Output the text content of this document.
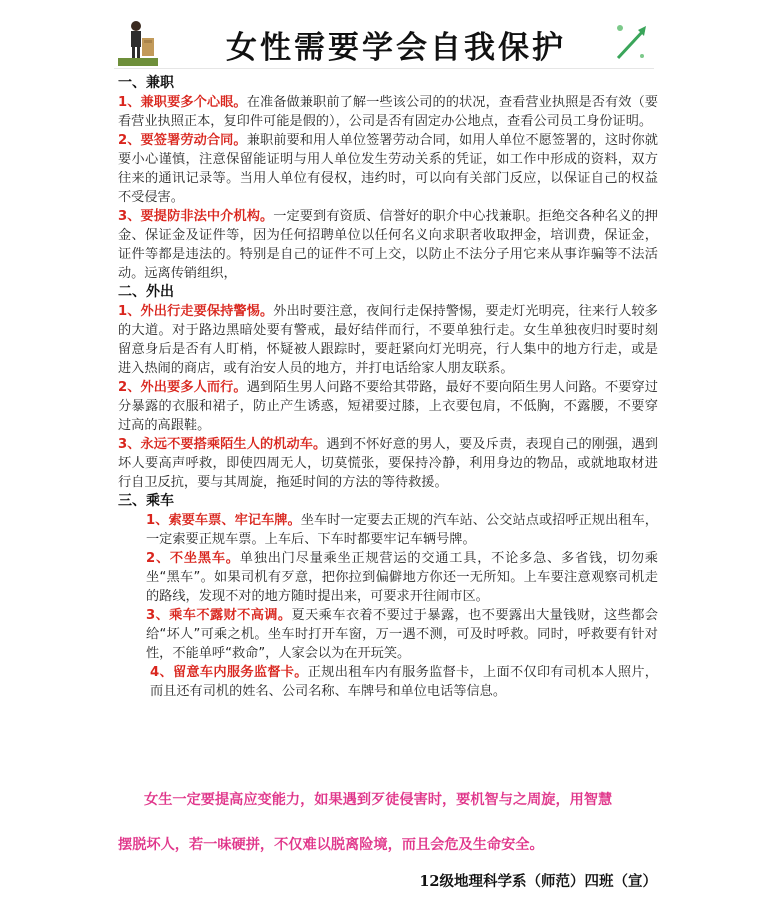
女性需要学会自我保护
一、兼职

1、兼职要多个心眼。在准备做兼职前了解一些该公司的的状况，查看营业执照是否有效（要看营业执照正本，复印件可能是假的），公司是否有固定办公地点，查看公司员工身份证明。

2、要签署劳动合同。兼职前要和用人单位签署劳动合同，如用人单位不愿签署的，这时你就要小心谨慎，注意保留能证明与用人单位发生劳动关系的凭证，如工作中形成的资料，双方往来的通讯记录等。当用人单位有侵权，违约时，可以向有关部门反应，以保证自己的权益不受侵害。

3、要提防非法中介机构。一定要到有资质、信誉好的职介中心找兼职。拒绝交各种名义的押金、保证金及证件等，因为任何招聘单位以任何名义向求职者收取押金，培训费，保证金，证件等都是违法的。特别是自己的证件不可上交，以防止不法分子用它来从事诈骗等不法活动。远离传销组织，

二、外出

1、外出行走要保持警惕。外出时要注意，夜间行走保持警惕，要走灯光明亮，往来行人较多的大道。对于路边黑暗处要有警戒，最好结伴而行，不要单独行走。女生单独夜归时要时刻留意身后是否有人盯梢，怀疑被人跟踪时，要赶紧向灯光明亮，行人集中的地方行走，或是进入热闹的商店，或有治安人员的地方，并打电话给家人朋友联系。

2、外出要多人而行。遇到陌生男人问路不要给其带路，最好不要向陌生男人问路。不要穿过分暴露的衣服和裙子，防止产生诱惑，短裙要过膝，上衣要包肩，不低胸，不露腰，不要穿过高的高跟鞋。

3、永远不要搭乘陌生人的机动车。遇到不怀好意的男人，要及斥责，表现自己的刚强，遇到坏人要高声呼救，即使四周无人，切莫慌张，要保持冷静，利用身边的物品，或就地取材进行自卫反抗，要与其周旋，拖延时间的方法的等待救援。

三、乘车

1、索要车票、牢记车牌。坐车时一定要去正规的汽车站、公交站点或招呼正规出租车，一定索要正规车票。上车后、下车时都要牢记车辆号牌。

2、不坐黑车。单独出门尽量乘坐正规营运的交通工具，不论多急、多省钱，切勿乘坐“黑车”。如果司机有歹意，把你拉到偏僻地方你还一无所知。上车要注意观察司机走的路线，发现不对的地方随时提出来，可要求开往闹市区。

3、乘车不露财不高调。夏天乘车衣着不要过于暴露，也不要露出大量钱财，这些都会给“坏人”可乘之机。坐车时打开车窗，万一遇不测，可及时呼救。同时，呼救要有针对性，不能单呼“救命”，人家会以为在开玩笑。

4、留意车内服务监督卡。正规出租车内有服务监督卡，上面不仅印有司机本人照片，而且还有司机的姓名、公司名称、车牌号和单位电话等信息。

女生一定要提高应变能力，如果遇到歹徒侵害时，要机智与之周旋，用智慧
摆脱坏人，若一味硬拼，不仅难以脱离险境，而且会危及生命安全。
12级地理科学系（师范）四班（宣）
